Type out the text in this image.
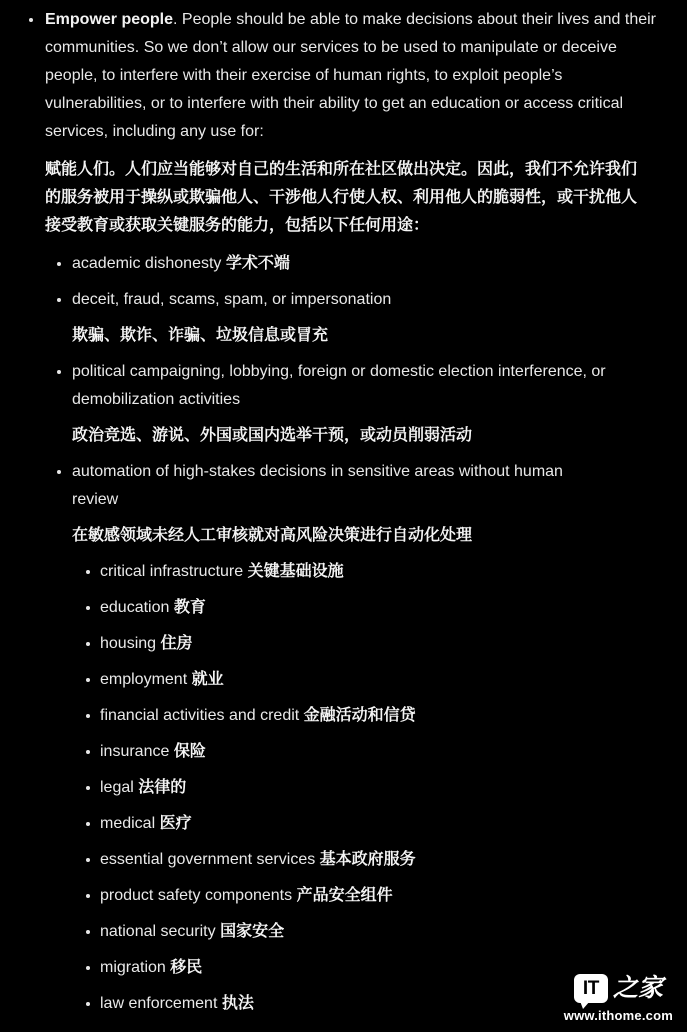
Empower people. People should be able to make decisions about their lives and their communities. So we don’t allow our services to be used to manipulate or deceive people, to interfere with their exercise of human rights, to exploit people’s vulnerabilities, or to interfere with their ability to get an education or access critical services, including any use for:

赋能人们。人们应当能够对自己的生活和所在社区做出决定。因此，我们不允许我们的服务被用于操纵或欺骗他人、干涉他人行使人权、利用他人的脆弱性，或干扰他人接受教育或获取关键服务的能力，包括以下任何用途：

academic dishonesty 学术不端

deceit, fraud, scams, spam, or impersonation

欺骗、欺诈、诈骗、垃圾信息或冒充

political campaigning, lobbying, foreign or domestic election interference, or demobilization activities

政治竞选、游说、外国或国内选举干预，或动员削弱活动

automation of high-stakes decisions in sensitive areas without human review

在敏感领域未经人工审核就对高风险决策进行自动化处理

critical infrastructure 关键基础设施

education 教育

housing 住房

employment 就业

financial activities and credit 金融活动和信贷

insurance 保险

legal 法律的

medical 医疗

essential government services 基本政府服务

product safety components 产品安全组件

national security 国家安全

migration 移民

law enforcement 执法

IT 之家
www.ithome.com
